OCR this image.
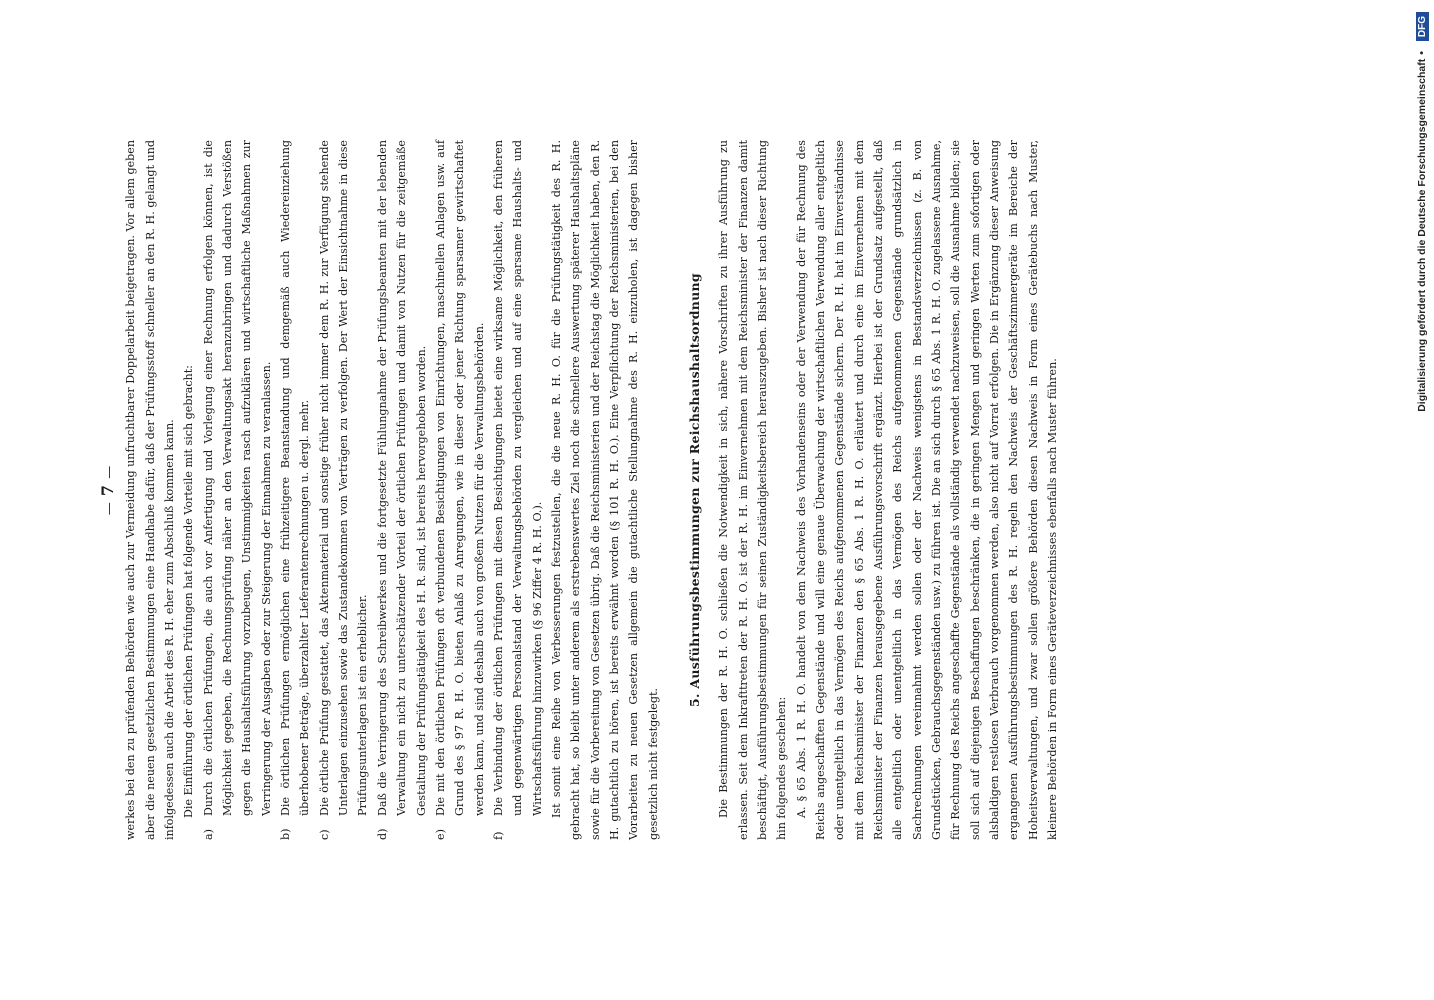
— 7 — werkes bei den zu prüfenden Behörden wie auch zur Vermeidung unfruchtbarer Doppelarbeit beigetragen. Vor allem geben aber die neuen gesetzlichen Bestimmungen eine Handhabe dafür, daß der Prüfungsstoff schneller an den R. H. gelangt und infolgedessen auch die Arbeit des R. H. eher zum Abschluß kommen kann. Die Einführung der örtlichen Prüfungen hat folgende Vorteile mit sich gebracht:

a)
Durch die örtlichen Prüfungen, die auch vor Anfertigung und Vorlegung einer Rechnung erfolgen können, ist die Möglichkeit gegeben, die Rechnungsprüfung näher an den Verwaltungsakt heranzubringen und dadurch Verstößen gegen die Haushaltsführung vorzubeugen, Unstimmigkeiten rasch aufzuklären und wirtschaftliche Maßnahmen zur Verringerung der Ausgaben oder zur Steigerung der Einnahmen zu veranlassen.
b)
Die örtlichen Prüfungen ermöglichen eine frühzeitigere Beanstandung und demgemäß auch Wiedereinziehung überhobener Beträge, überzahlter Lieferantenrechnungen u. dergl. mehr.
c)
Die örtliche Prüfung gestattet, das Aktenmaterial und sonstige früher nicht immer dem R. H. zur Verfügung stehende Unterlagen einzusehen sowie das Zustandekommen von Verträgen zu verfolgen. Der Wert der Einsichtnahme in diese Prüfungsunterlagen ist ein erheblicher.
d)
Daß die Verringerung des Schreibwerkes und die fortgesetzte Fühlungnahme der Prüfungsbeamten mit der lebenden Verwaltung ein nicht zu unterschätzender Vorteil der örtlichen Prüfungen und damit von Nutzen für die zeitgemäße Gestaltung der Prüfungstätigkeit des H. R. sind, ist bereits hervorgehoben worden.
e)
Die mit den örtlichen Prüfungen oft verbundenen Besichtigungen von Einrichtungen, maschinellen Anlagen usw. auf Grund des § 97 R. H. O. bieten Anlaß zu Anregungen, wie in dieser oder jener Richtung sparsamer gewirtschaftet werden kann, und sind deshalb auch von großem Nutzen für die Verwaltungsbehörden.
f)
Die Verbindung der örtlichen Prüfungen mit diesen Besichtigungen bietet eine wirksame Möglichkeit, den früheren und gegenwärtigen Personalstand der Verwaltungsbehörden zu vergleichen und auf eine sparsame Haushalts- und Wirtschaftsführung hinzuwirken (§ 96 Ziffer 4 R. H. O.). Ist somit eine Reihe von Verbesserungen festzustellen, die die neue R. H. O. für die Prüfungstätigkeit des R. H. gebracht hat, so bleibt unter anderem als erstrebenswertes Ziel noch die schnellere Auswertung späterer Haushaltspläne sowie für die Vorbereitung von Gesetzen übrig. Daß die Reichsministerien und der Reichstag die Möglichkeit haben, den R. H. gutachtlich zu hören, ist bereits erwähnt worden (§ 101 R. H. O.). Eine Verpflichtung der Reichsministerien, bei den Vorarbeiten zu neuen Gesetzen allgemein die gutachtliche Stellungnahme des R. H. einzuholen, ist dagegen bisher gesetzlich nicht festgelegt.

5. Ausführungsbestimmungen zur Reichshaushaltsordnung Die Bestimmungen der R. H. O. schließen die Notwendigkeit in sich, nähere Vorschriften zu ihrer Ausführung zu erlassen. Seit dem Inkrafttreten der R. H. O. ist der R. H. im Einvernehmen mit dem Reichsminister der Finanzen damit beschäftigt, Ausführungsbestimmungen für seinen Zuständigkeitsbereich herauszugeben. Bisher ist nach dieser Richtung hin folgendes geschehen: A. § 65 Abs. 1 R. H. O. handelt von dem Nachweis des Vorhandenseins oder der Verwendung der für Rechnung des Reichs angeschafften Gegenstände und will eine genaue Überwachung der wirtschaftlichen Verwendung aller entgeltlich oder unentgeltlich in das Vermögen des Reichs aufgenommenen Gegenstände sichern. Der R. H. hat im Einverständnisse mit dem Reichsminister der Finanzen den § 65 Abs. 1 R. H. O. erläutert und durch eine im Einvernehmen mit dem Reichsminister der Finanzen herausgegebene Ausführungsvorschrift ergänzt. Hierbei ist der Grundsatz aufgestellt, daß alle entgeltlich oder unentgeltlich in das Vermögen des Reichs aufgenommenen Gegenstände grundsätzlich in Sachrechnungen vereinnahmt werden sollen oder der Nachweis wenigstens in Bestandsverzeichnissen (z. B. von Grundstücken, Gebrauchsgegenständen usw.) zu führen ist. Die an sich durch § 65 Abs. 1 R. H. O. zugelassene Ausnahme, für Rechnung des Reichs angeschaffte Gegenstände als vollständig verwendet nachzuweisen, soll die Ausnahme bilden; sie soll sich auf diejenigen Beschaffungen beschränken, die in geringen Mengen und geringen Werten zum sofortigen oder alsbaldigen restlosen Verbrauch vorgenommen werden, also nicht auf Vorrat erfolgen. Die in Ergänzung dieser Anweisung ergangenen Ausführungsbestimmungen des R. H. regeln den Nachweis der Geschäftszimmergeräte im Bereiche der Hoheitsverwaltungen, und zwar sollen größere Behörden diesen Nachweis in Form eines Gerätebuchs nach Muster, kleinere Behörden in Form eines Geräteverzeichnisses ebenfalls nach Muster führen.

Digitalisierung gefördert durch die Deutsche Forschungsgemeinschaft
•
DFG
